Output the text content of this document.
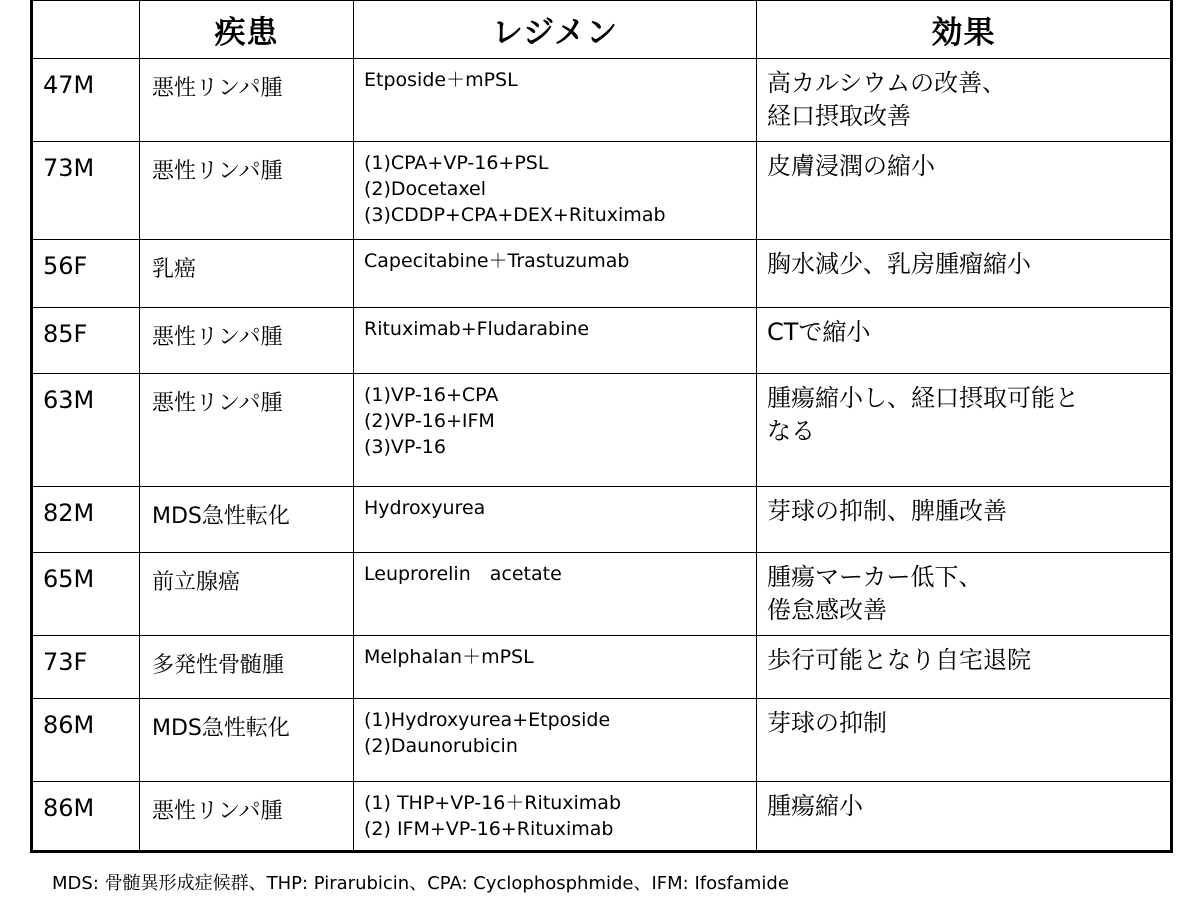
	疾患	レジメン	効果
47M	悪性リンパ腫	Etposide＋mPSL	高カルシウムの改善、
経口摂取改善
73M	悪性リンパ腫	(1)CPA+VP-16+PSL
(2)Docetaxel
(3)CDDP+CPA+DEX+Rituximab	皮膚浸潤の縮小
56F	乳癌	Capecitabine＋Trastuzumab	胸水減少、乳房腫瘤縮小
85F	悪性リンパ腫	Rituximab+Fludarabine	CTで縮小
63M	悪性リンパ腫	(1)VP-16+CPA
(2)VP-16+IFM
(3)VP-16	腫瘍縮小し、経口摂取可能と
なる
82M	MDS急性転化	Hydroxyurea	芽球の抑制、脾腫改善
65M	前立腺癌	Leuprorelin　acetate	腫瘍マーカー低下、
倦怠感改善
73F	多発性骨髄腫	Melphalan＋mPSL	歩行可能となり自宅退院
86M	MDS急性転化	(1)Hydroxyurea+Etposide
(2)Daunorubicin	芽球の抑制
86M	悪性リンパ腫	(1) THP+VP-16＋Rituximab
(2) IFM+VP-16+Rituximab	腫瘍縮小
MDS: 骨髄異形成症候群、THP: Pirarubicin、CPA: Cyclophosphmide、IFM: Ifosfamide
